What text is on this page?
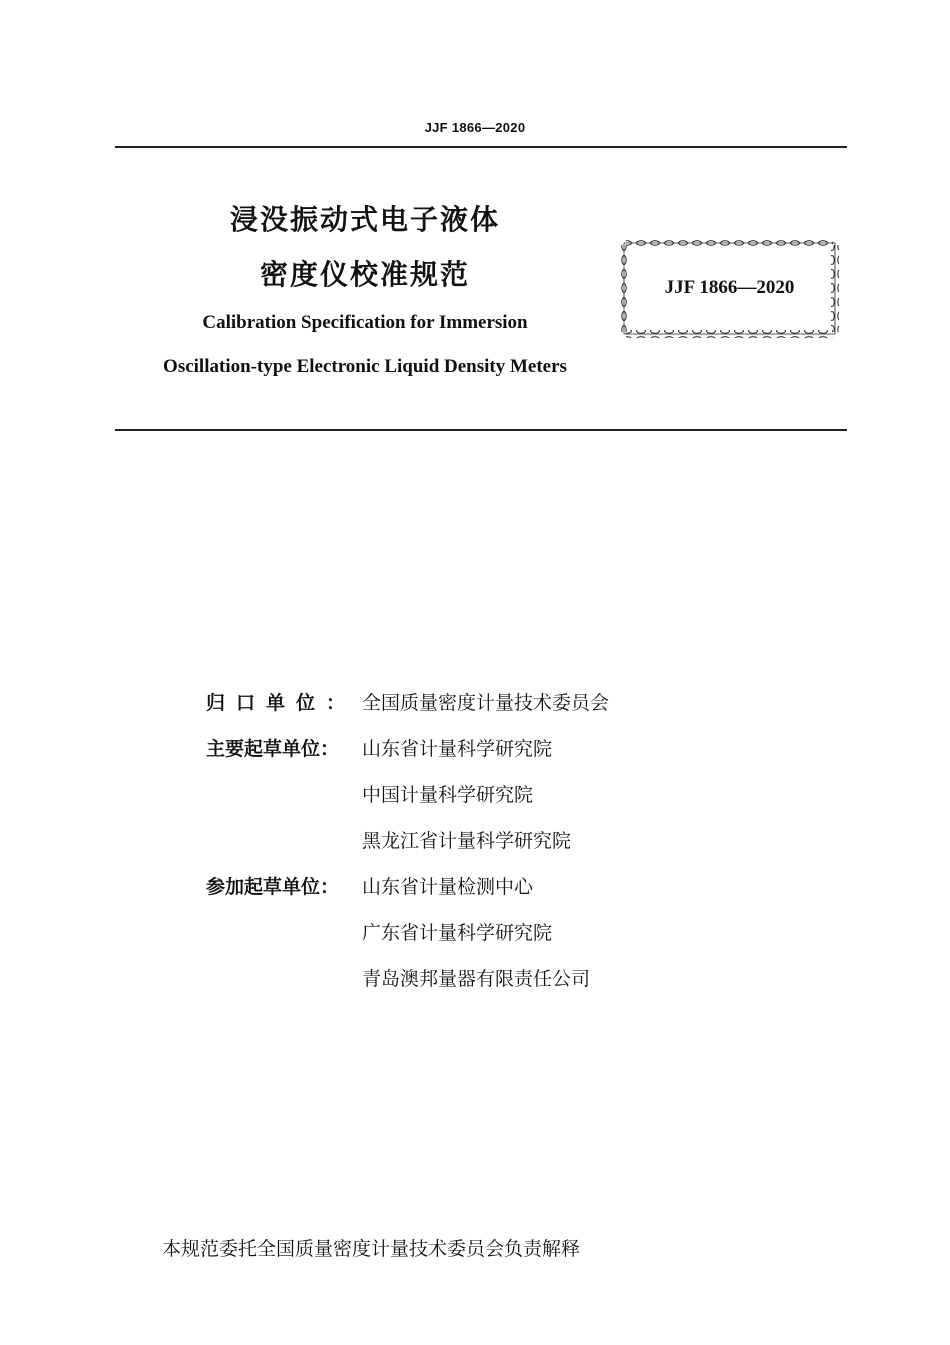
JJF 1866—2020
浸没振动式电子液体
密度仪校准规范
Calibration Specification for Immersion
Oscillation-type Electronic Liquid Density Meters
JJF 1866—2020
归口单位： 全国质量密度计量技术委员会
主要起草单位：	山东省计量科学研究院
中国计量科学研究院
黑龙江省计量科学研究院
参加起草单位：	山东省计量检测中心
广东省计量科学研究院
青岛澳邦量器有限责任公司
本规范委托全国质量密度计量技术委员会负责解释
